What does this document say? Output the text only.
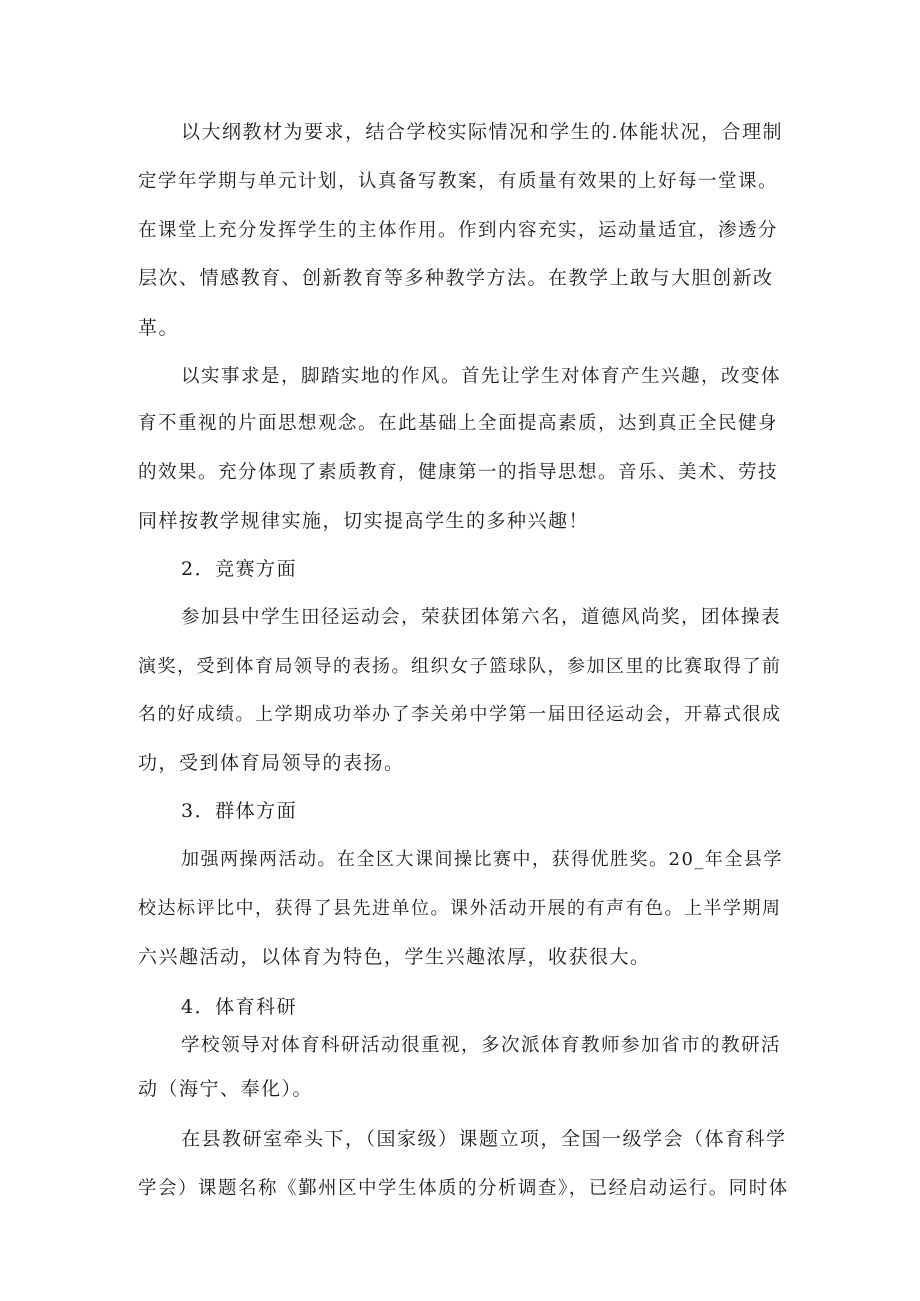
以大纲教材为要求，结合学校实际情况和学生的.体能状况，合理制
定学年学期与单元计划，认真备写教案，有质量有效果的上好每一堂课。
在课堂上充分发挥学生的主体作用。作到内容充实，运动量适宜，渗透分
层次、情感教育、创新教育等多种教学方法。在教学上敢与大胆创新改
革。
以实事求是，脚踏实地的作风。首先让学生对体育产生兴趣，改变体
育不重视的片面思想观念。在此基础上全面提高素质，达到真正全民健身
的效果。充分体现了素质教育，健康第一的指导思想。音乐、美术、劳技
同样按教学规律实施，切实提高学生的多种兴趣！
2．竞赛方面
参加县中学生田径运动会，荣获团体第六名，道德风尚奖，团体操表
演奖，受到体育局领导的表扬。组织女子篮球队，参加区里的比赛取得了前
名的好成绩。上学期成功举办了李关弟中学第一届田径运动会，开幕式很成
功，受到体育局领导的表扬。
3．群体方面
加强两操两活动。在全区大课间操比赛中，获得优胜奖。20_年全县学
校达标评比中，获得了县先进单位。课外活动开展的有声有色。上半学期周
六兴趣活动，以体育为特色，学生兴趣浓厚，收获很大。
4．体育科研
学校领导对体育科研活动很重视，多次派体育教师参加省市的教研活
动（海宁、奉化）。
在县教研室牵头下，（国家级）课题立项，全国一级学会（体育科学
学会）课题名称《鄞州区中学生体质的分析调查》，已经启动运行。同时体
